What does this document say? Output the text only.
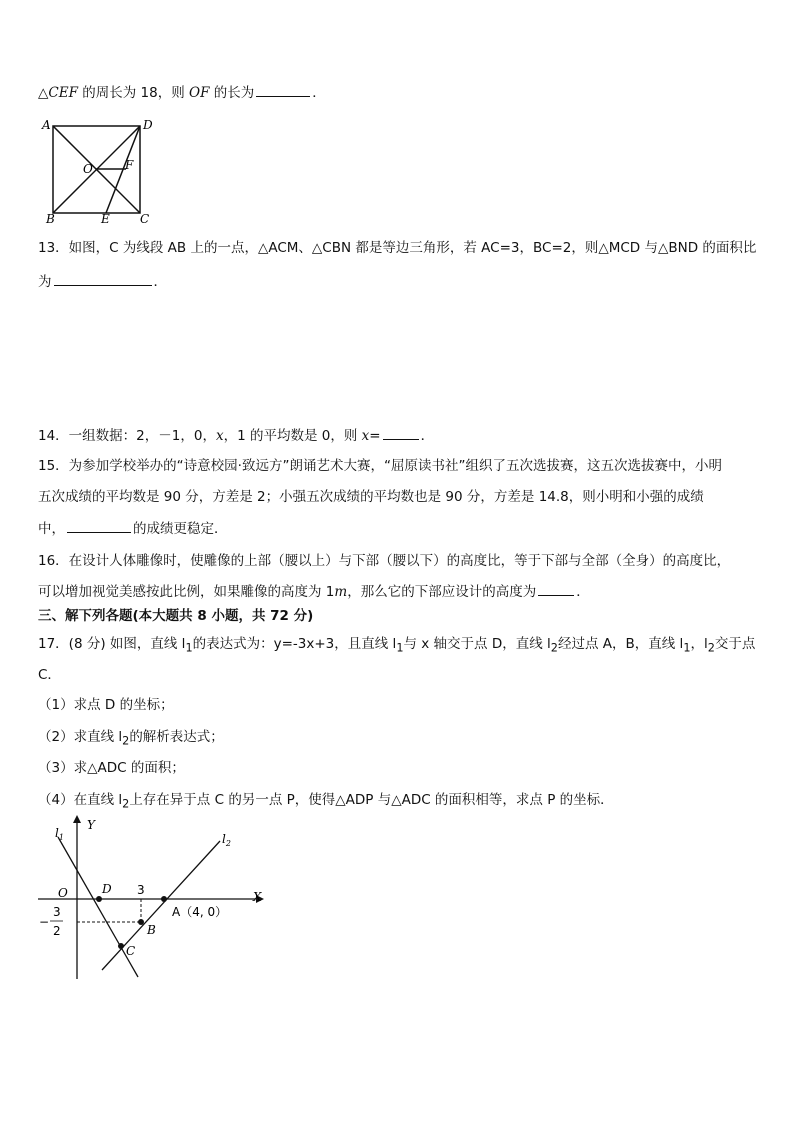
△CEF 的周长为 18，则 OF 的长为	．
A	D
O	F
B	E	C
13．如图，C 为线段 AB 上的一点，△ACM、△CBN 都是等边三角形，若 AC=3，BC=2，则△MCD 与△BND 的面积比
为	．
14．一组数据：2，－1，0，x，1 的平均数是 0，则 x=	．
15．为参加学校举办的“诗意校园·致远方”朗诵艺术大赛，“屈原读书社”组织了五次选拔赛，这五次选拔赛中，小明
五次成绩的平均数是 90 分，方差是 2；小强五次成绩的平均数也是 90 分，方差是 14.8，则小明和小强的成绩
中，	的成绩更稳定．
16．在设计人体雕像时，使雕像的上部（腰以上）与下部（腰以下）的高度比，等于下部与全部（全身）的高度比，
可以增加视觉美感按此比例，如果雕像的高度为 1m，那么它的下部应设计的高度为	．
三、解下列各题(本大题共 8 小题，共 72 分)
17．(8 分) 如图，直线 $l_1$的表达式为：y=-3x+3，且直线 $l_1$与 x 轴交于点 D，直线 $l_2$经过点 A，B，直线 $l_1$，$l_2$交于点
C．
（1）求点 D 的坐标；
（2）求直线 $l_2$的解析表达式；
（3）求△ADC 的面积；
（4）在直线 $l_2$上存在异于点 C 的另一点 P，使得△ADP 与△ADC 的面积相等，求点 P 的坐标．
$l_1$	$l_2$
Y
X
O	D 3
A（4, 0）
B
C
−
3
2
